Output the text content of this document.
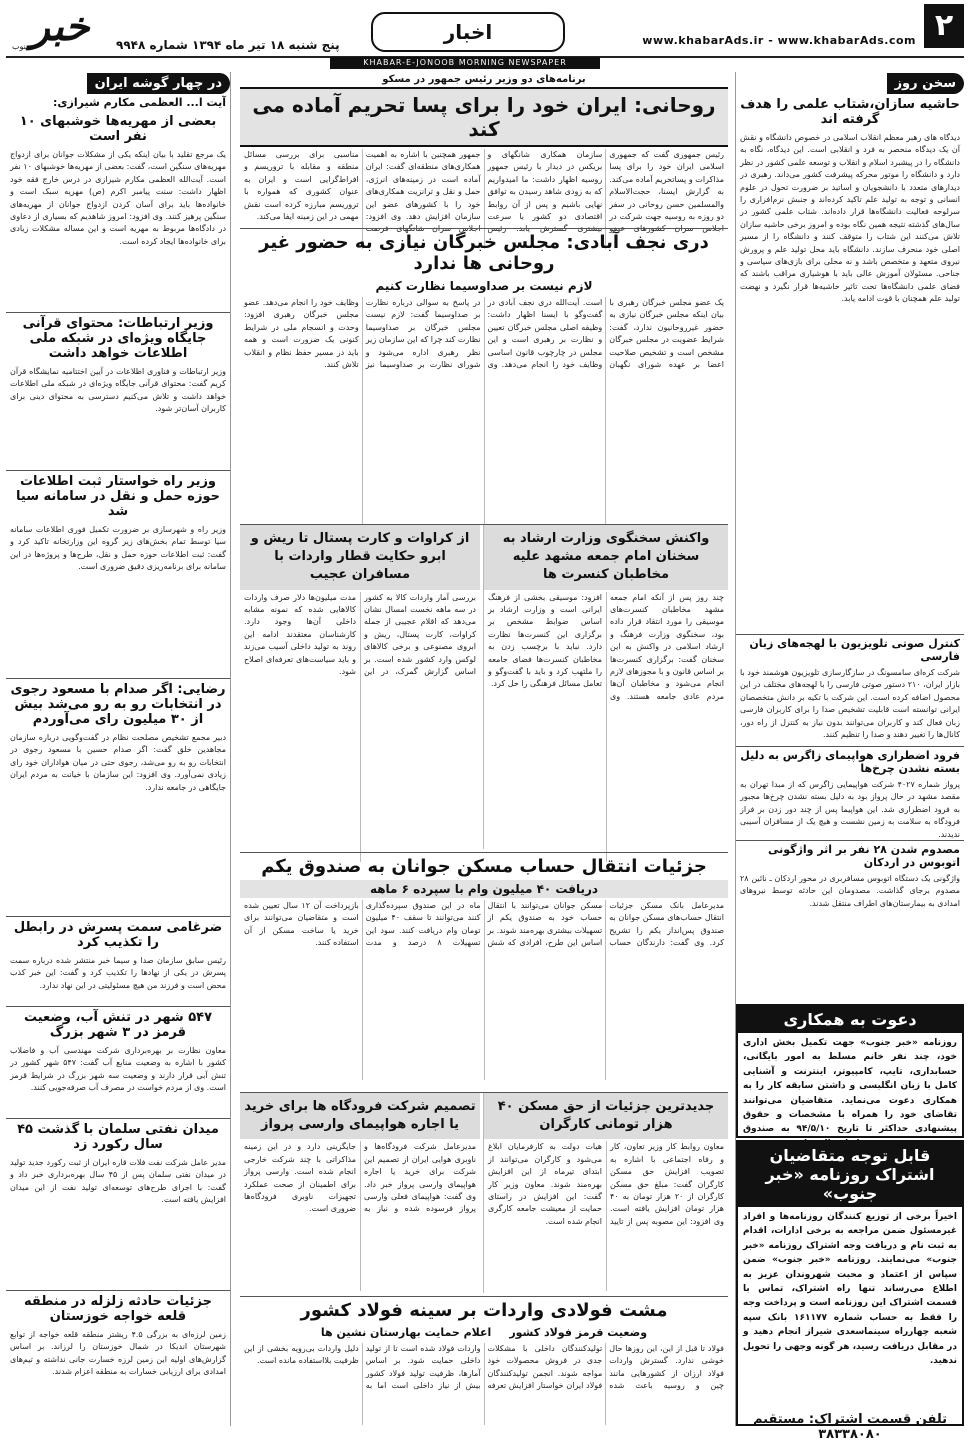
۲
www.khabarAds.ir - www.khabarAds.com
اخبار
پنج شنبه ۱۸ تیر ماه ۱۳۹۴ شماره ۹۹۴۸
خبر
جنوب
KHABAR-E-JONOOB MORNING NEWSPAPER
سخن روز
حاشیه سازان،شتاب علمی را هدف گرفته اند
دیدگاه های رهبر معظم انقلاب اسلامی در خصوص دانشگاه و نقش آن یک دیدگاه منحصر به فرد و انقلابی است. این دیدگاه، نگاه به دانشگاه را در پیشبرد اسلام و انقلاب و توسعه علمی کشور در نظر دارد و دانشگاه را موتور محرکه پیشرفت کشور می‌داند. رهبری در دیدارهای متعدد با دانشجویان و اساتید بر ضرورت تحول در علوم انسانی و توجه به تولید علم تاکید کرده‌اند و جنبش نرم‌افزاری را سرلوحه فعالیت دانشگاه‌ها قرار داده‌اند. شتاب علمی کشور در سال‌های گذشته نتیجه همین نگاه بوده و امروز برخی حاشیه سازان تلاش می‌کنند این شتاب را متوقف کنند و دانشگاه را از مسیر اصلی خود منحرف سازند. دانشگاه باید محل تولید علم و پرورش نیروی متعهد و متخصص باشد و نه محلی برای بازی‌های سیاسی و جناحی. مسئولان آموزش عالی باید با هوشیاری مراقب باشند که فضای علمی دانشگاه‌ها تحت تاثیر حاشیه‌ها قرار نگیرد و نهضت تولید علم همچنان با قوت ادامه یابد.
کنترل صوتی تلویزیون با لهجه‌های زبان فارسی
شرکت کره‌ای سامسونگ در سازگارسازی تلویزیون هوشمند خود با بازار ایران، ۲۱۰ دستور صوتی فارسی را با لهجه‌های مختلف در این محصول اضافه کرده است. این شرکت با تکیه بر دانش متخصصان ایرانی توانسته است قابلیت تشخیص صدا را برای کاربران فارسی زبان فعال کند و کاربران می‌توانند بدون نیاز به کنترل از راه دور، کانال‌ها را تغییر دهند و صدا را تنظیم کنند.
فرود اضطراری هواپیمای زاگرس به دلیل بسته نشدن چرخ‌ها
پرواز شماره ۴۰۲۷ شرکت هواپیمایی زاگرس که از مبدا تهران به مقصد مشهد در حال پرواز بود به دلیل بسته نشدن چرخ‌ها مجبور به فرود اضطراری شد. این هواپیما پس از چند دور زدن بر فراز فرودگاه به سلامت به زمین نشست و هیچ یک از مسافران آسیبی ندیدند.
مصدوم شدن ۲۸ نفر بر اثر واژگونی اتوبوس در اردکان
واژگونی یک دستگاه اتوبوس مسافربری در محور اردکان ـ نائین ۲۸ مصدوم برجای گذاشت. مصدومان این حادثه توسط نیروهای امدادی به بیمارستان‌های اطراف منتقل شدند.
دعوت به همکاری
روزنامه «خبر جنوب» جهت تکمیل بخش اداری خود، چند نفر خانم مسلط به امور بایگانی، حسابداری، تایپ، کامپیوتر، اینترنت و آشنایی کامل با زبان انگلیسی و داشتن سابقه کار را به همکاری دعوت می‌نماید. متقاضیان می‌توانند تقاضای خود را همراه با مشخصات و حقوق پیشنهادی حداکثر تا تاریخ ۹۴/۵/۱۰ به صندوق
قابل توجه متقاضیان اشتراک روزنامه «خبر جنوب»
اخیراً برخی از توزیع کنندگان روزنامه‌ها و افراد غیرمسئول ضمن مراجعه به برخی ادارات، اقدام به ثبت نام و دریافت وجه اشتراک روزنامه «خبر جنوب» می‌نمایند. روزنامه «خبر جنوب» ضمن سپاس از اعتماد و محبت شهروندان عزیز به اطلاع می‌رساند تنها راه اشتراک، تماس با قسمت اشتراک این روزنامه است و پرداخت وجه را فقط به حساب شماره ۱۶۱۱۷۷ بانک سپه شعبه چهارراه سینماسعدی شیراز انجام دهید و در مقابل دریافت رسید، هر گونه وجهی را تحویل ندهید.
تلفن قسمت اشتراک: مستقیم ۳۸۳۳۸۰۸۰
برنامه‌های دو وزیر رئیس جمهور در مسکو
روحانی: ایران خود را برای پسا تحریم آماده می کند
رئیس جمهوری گفت که جمهوری اسلامی ایران خود را برای پسا مذاکرات و پساتحریم آماده می‌کند. به گزارش ایسنا، حجت‌الاسلام والمسلمین حسن روحانی در سفر دو روزه به روسیه جهت شرکت در اجلاس سران کشورهای عضو سازمان همکاری شانگهای و بریکس در دیدار با رئیس جمهور روسیه اظهار داشت: ما امیدواریم که به زودی شاهد رسیدن به توافق نهایی باشیم و پس از آن روابط اقتصادی دو کشور با سرعت بیشتری گسترش یابد. رئیس جمهور همچنین با اشاره به اهمیت همکاری‌های منطقه‌ای گفت: ایران آماده است در زمینه‌های انرژی، حمل و نقل و ترانزیت همکاری‌های خود را با کشورهای عضو این سازمان افزایش دهد. وی افزود: اجلاس سران شانگهای فرصت مناسبی برای بررسی مسائل منطقه و مقابله با تروریسم و افراط‌گرایی است و ایران به عنوان کشوری که همواره با تروریسم مبارزه کرده است نقش مهمی در این زمینه ایفا می‌کند.
دری نجف آبادی: مجلس خبرگان نیازی به حضور غیر روحانی ها ندارد
لازم نیست بر صداوسیما نظارت کنیم
یک عضو مجلس خبرگان رهبری با بیان اینکه مجلس خبرگان نیازی به حضور غیرروحانیون ندارد، گفت: شرایط عضویت در مجلس خبرگان مشخص است و تشخیص صلاحیت اعضا بر عهده شورای نگهبان است. آیت‌الله دری نجف آبادی در گفت‌وگو با ایسنا اظهار داشت: وظیفه اصلی مجلس خبرگان تعیین و نظارت بر رهبری است و این مجلس در چارچوب قانون اساسی وظایف خود را انجام می‌دهد. وی در پاسخ به سوالی درباره نظارت بر صداوسیما گفت: لازم نیست مجلس خبرگان بر صداوسیما نظارت کند چرا که این سازمان زیر نظر رهبری اداره می‌شود و شورای نظارت بر صداوسیما نیز وظایف خود را انجام می‌دهد. عضو مجلس خبرگان رهبری افزود: وحدت و انسجام ملی در شرایط کنونی یک ضرورت است و همه باید در مسیر حفظ نظام و انقلاب تلاش کنند.
واکنش سخنگوی وزارت ارشاد به سخنان امام جمعه مشهد علیه مخاطبان کنسرت ها
چند روز پس از آنکه امام جمعه مشهد مخاطبان کنسرت‌های موسیقی را مورد انتقاد قرار داده بود، سخنگوی وزارت فرهنگ و ارشاد اسلامی در واکنش به این سخنان گفت: برگزاری کنسرت‌ها بر اساس قانون و با مجوزهای لازم انجام می‌شود و مخاطبان آن‌ها مردم عادی جامعه هستند. وی افزود: موسیقی بخشی از فرهنگ ایرانی است و وزارت ارشاد بر اساس ضوابط مشخص بر برگزاری این کنسرت‌ها نظارت دارد. نباید با برچسب زدن به مخاطبان کنسرت‌ها فضای جامعه را ملتهب کرد و باید با گفت‌وگو و تعامل مسائل فرهنگی را حل کرد.
از کراوات و کارت پستال تا ریش و ابرو حکایت قطار واردات با مسافران عجیب
بررسی آمار واردات کالا به کشور در سه ماهه نخست امسال نشان می‌دهد که اقلام عجیبی از جمله کراوات، کارت پستال، ریش و ابروی مصنوعی و برخی کالاهای لوکس وارد کشور شده است. بر اساس گزارش گمرک، در این مدت میلیون‌ها دلار صرف واردات کالاهایی شده که نمونه مشابه داخلی آن‌ها وجود دارد. کارشناسان معتقدند ادامه این روند به تولید داخلی آسیب می‌زند و باید سیاست‌های تعرفه‌ای اصلاح شود.
جزئیات انتقال حساب مسکن جوانان به صندوق یکم
دریافت ۴۰ میلیون وام با سپرده ۶ ماهه
مدیرعامل بانک مسکن جزئیات انتقال حساب‌های مسکن جوانان به صندوق پس‌انداز یکم را تشریح کرد. وی گفت: دارندگان حساب مسکن جوانان می‌توانند با انتقال حساب خود به صندوق یکم از تسهیلات بیشتری بهره‌مند شوند. بر اساس این طرح، افرادی که شش ماه در این صندوق سپرده‌گذاری کنند می‌توانند تا سقف ۴۰ میلیون تومان وام دریافت کنند. سود این تسهیلات ۸ درصد و مدت بازپرداخت آن ۱۲ سال تعیین شده است و متقاضیان می‌توانند برای خرید یا ساخت مسکن از آن استفاده کنند.
جدیدترین جزئیات از حق مسکن ۴۰ هزار تومانی کارگران
معاون روابط کار وزیر تعاون، کار و رفاه اجتماعی با اشاره به تصویب افزایش حق مسکن کارگران گفت: مبلغ حق مسکن کارگران از ۲۰ هزار تومان به ۴۰ هزار تومان افزایش یافته است. وی افزود: این مصوبه پس از تایید هیات دولت به کارفرمایان ابلاغ می‌شود و کارگران می‌توانند از ابتدای تیرماه از این افزایش بهره‌مند شوند. معاون وزیر کار گفت: این افزایش در راستای حمایت از معیشت جامعه کارگری انجام شده است.
تصمیم شرکت فرودگاه ها برای خرید یا اجاره هواپیمای وارسی پرواز
مدیرعامل شرکت فرودگاه‌ها و ناوبری هوایی ایران از تصمیم این شرکت برای خرید یا اجاره هواپیمای وارسی پرواز خبر داد. وی گفت: هواپیمای فعلی وارسی پرواز فرسوده شده و نیاز به جایگزینی دارد و در این زمینه مذاکراتی با چند شرکت خارجی انجام شده است. وارسی پرواز برای اطمینان از صحت عملکرد تجهیزات ناوبری فرودگاه‌ها ضروری است.
مشت فولادی واردات بر سینه فولاد کشور
وضعیت قرمز فولاد کشور
اعلام حمایت بهارستان نشین ها
فولاد تا قبل از این، این روزها حال خوشی ندارد. گسترش واردات فولاد ارزان از کشورهایی مانند چین و روسیه باعث شده تولیدکنندگان داخلی با مشکلات جدی در فروش محصولات خود مواجه شوند. انجمن تولیدکنندگان فولاد ایران خواستار افزایش تعرفه واردات فولاد شده است تا از تولید داخلی حمایت شود. بر اساس آمارها، ظرفیت تولید فولاد کشور بیش از نیاز داخلی است اما به دلیل واردات بی‌رویه بخشی از این ظرفیت بلااستفاده مانده است.
در چهار گوشه ایران
آیت ا... العظمی مکارم شیرازی:
بعضی از مهریه‌ها خوشبهای ۱۰ نفر است
یک مرجع تقلید با بیان اینکه یکی از مشکلات جوانان برای ازدواج مهریه‌های سنگین است، گفت: بعضی از مهریه‌ها خوشبهای ۱۰ نفر است. آیت‌الله العظمی مکارم شیرازی در درس خارج فقه خود اظهار داشت: سنت پیامبر اکرم (ص) مهریه سبک است و خانواده‌ها باید برای آسان کردن ازدواج جوانان از مهریه‌های سنگین پرهیز کنند. وی افزود: امروز شاهدیم که بسیاری از دعاوی در دادگاه‌ها مربوط به مهریه است و این مساله مشکلات زیادی برای خانواده‌ها ایجاد کرده است.
وزیر ارتباطات: محتوای قرآنی جایگاه ویژه‌ای در شبکه ملی اطلاعات خواهد داشت
وزیر ارتباطات و فناوری اطلاعات در آیین اختتامیه نمایشگاه قرآن کریم گفت: محتوای قرآنی جایگاه ویژه‌ای در شبکه ملی اطلاعات خواهد داشت و تلاش می‌کنیم دسترسی به محتوای دینی برای کاربران آسان‌تر شود.
وزیر راه خواستار ثبت اطلاعات حوزه حمل و نقل در سامانه سیا شد
وزیر راه و شهرسازی بر ضرورت تکمیل فوری اطلاعات سامانه سیا توسط تمام بخش‌های زیر گروه این وزارتخانه تاکید کرد و گفت: ثبت اطلاعات حوزه حمل و نقل، طرح‌ها و پروژه‌ها در این سامانه برای برنامه‌ریزی دقیق ضروری است.
رضایی: اگر صدام با مسعود رجوی در انتخابات رو به رو می‌شد بیش از ۳۰ میلیون رای می‌آوردم
دبیر مجمع تشخیص مصلحت نظام در گفت‌وگویی درباره سازمان مجاهدین خلق گفت: اگر صدام حسین با مسعود رجوی در انتخابات رو به رو می‌شد، رجوی حتی در میان هواداران خود رای زیادی نمی‌آورد. وی افزود: این سازمان با خیانت به مردم ایران جایگاهی در جامعه ندارد.
ضرغامی سمت پسرش در رابطل را تکذیب کرد
رئیس سابق سازمان صدا و سیما خبر منتشر شده درباره سمت پسرش در یکی از نهادها را تکذیب کرد و گفت: این خبر کذب محض است و فرزند من هیچ مسئولیتی در این نهاد ندارد.
۵۴۷ شهر در تنش آب، وضعیت قرمز در ۳ شهر بزرگ
معاون نظارت بر بهره‌برداری شرکت مهندسی آب و فاضلاب کشور با اشاره به وضعیت منابع آب گفت: ۵۴۷ شهر کشور در تنش آبی قرار دارند و وضعیت سه شهر بزرگ در شرایط قرمز است. وی از مردم خواست در مصرف آب صرفه‌جویی کنند.
میدان نفتی سلمان با گذشت ۴۵ سال رکورد زد
مدیر عامل شرکت نفت فلات قاره ایران از ثبت رکورد جدید تولید در میدان نفتی سلمان پس از ۴۵ سال بهره‌برداری خبر داد و گفت: با اجرای طرح‌های توسعه‌ای تولید نفت از این میدان افزایش یافته است.
جزئیات حادثه زلزله در منطقه قلعه خواجه خوزستان
زمین لرزه‌ای به بزرگی ۴.۵ ریشتر منطقه قلعه خواجه از توابع شهرستان اندیکا در شمال خوزستان را لرزاند. بر اساس گزارش‌های اولیه این زمین لرزه خسارت جانی نداشته و تیم‌های امدادی برای ارزیابی خسارات به منطقه اعزام شدند.
